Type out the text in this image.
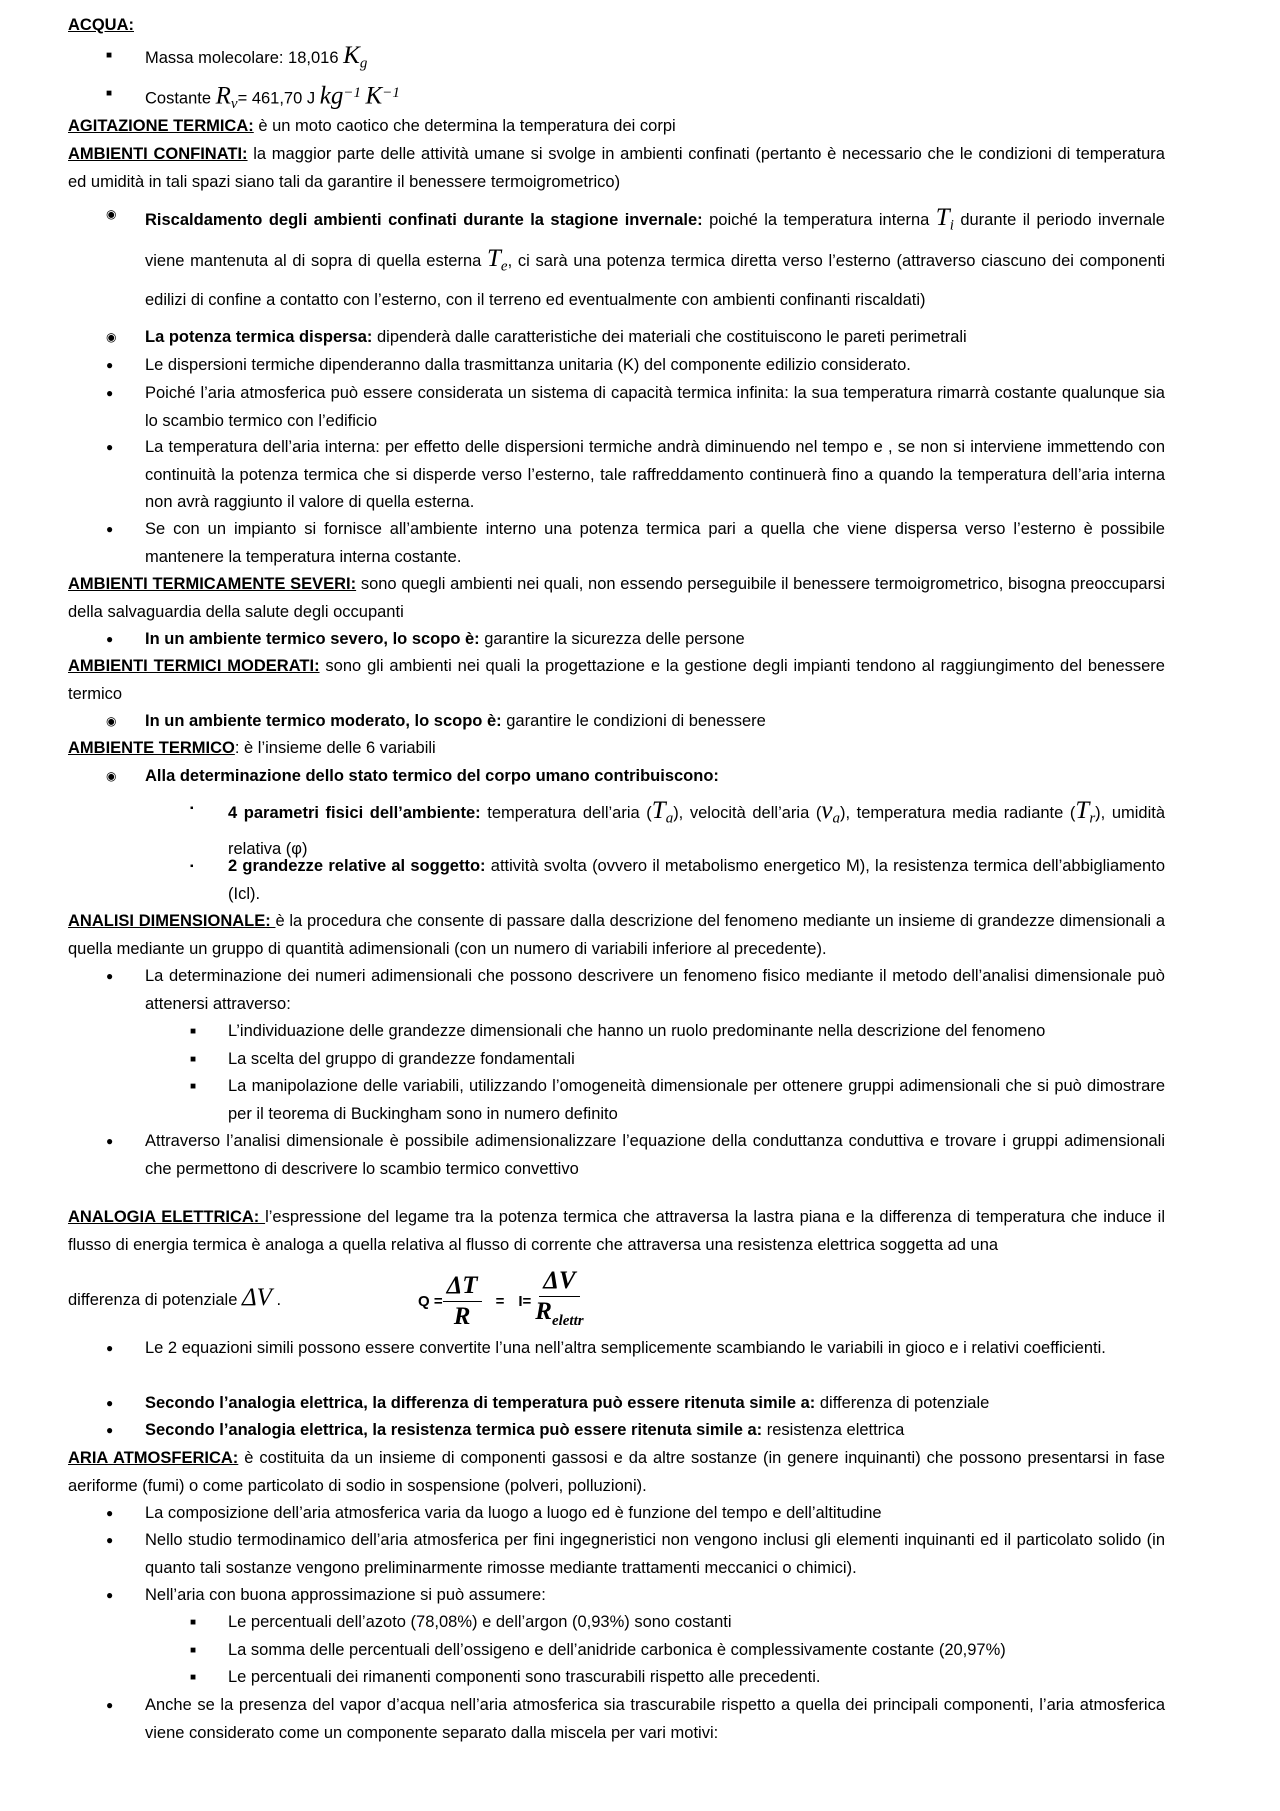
ACQUA:
■ Massa molecolare: 18,016 $K_g$
■ Costante $R_v= 461,70$ J $kg^{-1}$ $K^{-1}$
AGITAZIONE TERMICA: è un moto caotico che determina la temperatura dei corpi
AMBIENTI CONFINATI: la maggior parte delle attività umane si svolge in ambienti confinati (pertanto è necessario che le condizioni di temperatura ed umidità in tali spazi siano tali da garantire il benessere termoigrometrico)
◉ Riscaldamento degli ambienti confinati durante la stagione invernale: poiché la temperatura interna $T_i$ durante il periodo invernale viene mantenuta al di sopra di quella esterna $T_e$, ci sarà una potenza termica diretta verso l’esterno (attraverso ciascuno dei componenti edilizi di confine a contatto con l’esterno, con il terreno ed eventualmente con ambienti confinanti riscaldati)
◉ La potenza termica dispersa: dipenderà dalle caratteristiche dei materiali che costituiscono le pareti perimetrali
● Le dispersioni termiche dipenderanno dalla trasmittanza unitaria (K) del componente edilizio considerato.
● Poiché l’aria atmosferica può essere considerata un sistema di capacità termica infinita: la sua temperatura rimarrà costante qualunque sia lo scambio termico con l’edificio
● La temperatura dell’aria interna: per effetto delle dispersioni termiche andrà diminuendo nel tempo e , se non si interviene immettendo con continuità la potenza termica che si disperde verso l’esterno, tale raffreddamento continuerà fino a quando la temperatura dell’aria interna non avrà raggiunto il valore di quella esterna.
● Se con un impianto si fornisce all’ambiente interno una potenza termica pari a quella che viene dispersa verso l’esterno è possibile mantenere la temperatura interna costante.
AMBIENTI TERMICAMENTE SEVERI: sono quegli ambienti nei quali, non essendo perseguibile il benessere termoigrometrico, bisogna preoccuparsi della salvaguardia della salute degli occupanti
● In un ambiente termico severo, lo scopo è: garantire la sicurezza delle persone
AMBIENTI TERMICI MODERATI: sono gli ambienti nei quali la progettazione e la gestione degli impianti tendono al raggiungimento del benessere termico
◉ In un ambiente termico moderato, lo scopo è: garantire le condizioni di benessere
AMBIENTE TERMICO: è l’insieme delle 6 variabili
◉ Alla determinazione dello stato termico del corpo umano contribuiscono:
▪ 4 parametri fisici dell’ambiente: temperatura dell’aria $(T_a)$, velocità dell’aria $(v_a)$, temperatura media radiante $(T_r)$, umidità relativa (φ)
▪ 2 grandezze relative al soggetto: attività svolta (ovvero il metabolismo energetico M), la resistenza termica dell’abbigliamento (Icl).
ANALISI DIMENSIONALE: è la procedura che consente di passare dalla descrizione del fenomeno mediante un insieme di grandezze dimensionali a quella mediante un gruppo di quantità adimensionali (con un numero di variabili inferiore al precedente).
● La determinazione dei numeri adimensionali che possono descrivere un fenomeno fisico mediante il metodo dell’analisi dimensionale può attenersi attraverso:
■ L’individuazione delle grandezze dimensionali che hanno un ruolo predominante nella descrizione del fenomeno
■ La scelta del gruppo di grandezze fondamentali
■ La manipolazione delle variabili, utilizzando l’omogeneità dimensionale per ottenere gruppi adimensionali che si può dimostrare per il teorema di Buckingham sono in numero definito
● Attraverso l’analisi dimensionale è possibile adimensionalizzare l’equazione della conduttanza conduttiva e trovare i gruppi adimensionali che permettono di descrivere lo scambio termico convettivo
ANALOGIA ELETTRICA: l’espressione del legame tra la potenza termica che attraversa la lastra piana e la differenza di temperatura che induce il flusso di energia termica è analoga a quella relativa al flusso di corrente che attraversa una resistenza elettrica soggetta ad una
differenza di potenziale ΔV .	$Q = \frac{\Delta T}{R} = I= \frac{\Delta V}{R_{elettr}}$
● Le 2 equazioni simili possono essere convertite l’una nell’altra semplicemente scambiando le variabili in gioco e i relativi coefficienti.
● Secondo l’analogia elettrica, la differenza di temperatura può essere ritenuta simile a: differenza di potenziale
● Secondo l’analogia elettrica, la resistenza termica può essere ritenuta simile a: resistenza elettrica
ARIA ATMOSFERICA: è costituita da un insieme di componenti gassosi e da altre sostanze (in genere inquinanti) che possono presentarsi in fase aeriforme (fumi) o come particolato di sodio in sospensione (polveri, polluzioni).
● La composizione dell’aria atmosferica varia da luogo a luogo ed è funzione del tempo e dell’altitudine
● Nello studio termodinamico dell’aria atmosferica per fini ingegneristici non vengono inclusi gli elementi inquinanti ed il particolato solido (in quanto tali sostanze vengono preliminarmente rimosse mediante trattamenti meccanici o chimici).
● Nell’aria con buona approssimazione si può assumere:
■ Le percentuali dell’azoto (78,08%) e dell’argon (0,93%) sono costanti
■ La somma delle percentuali dell’ossigeno e dell’anidride carbonica è complessivamente costante (20,97%)
■ Le percentuali dei rimanenti componenti sono trascurabili rispetto alle precedenti.
● Anche se la presenza del vapor d’acqua nell’aria atmosferica sia trascurabile rispetto a quella dei principali componenti, l’aria atmosferica viene considerato come un componente separato dalla miscela per vari motivi:
